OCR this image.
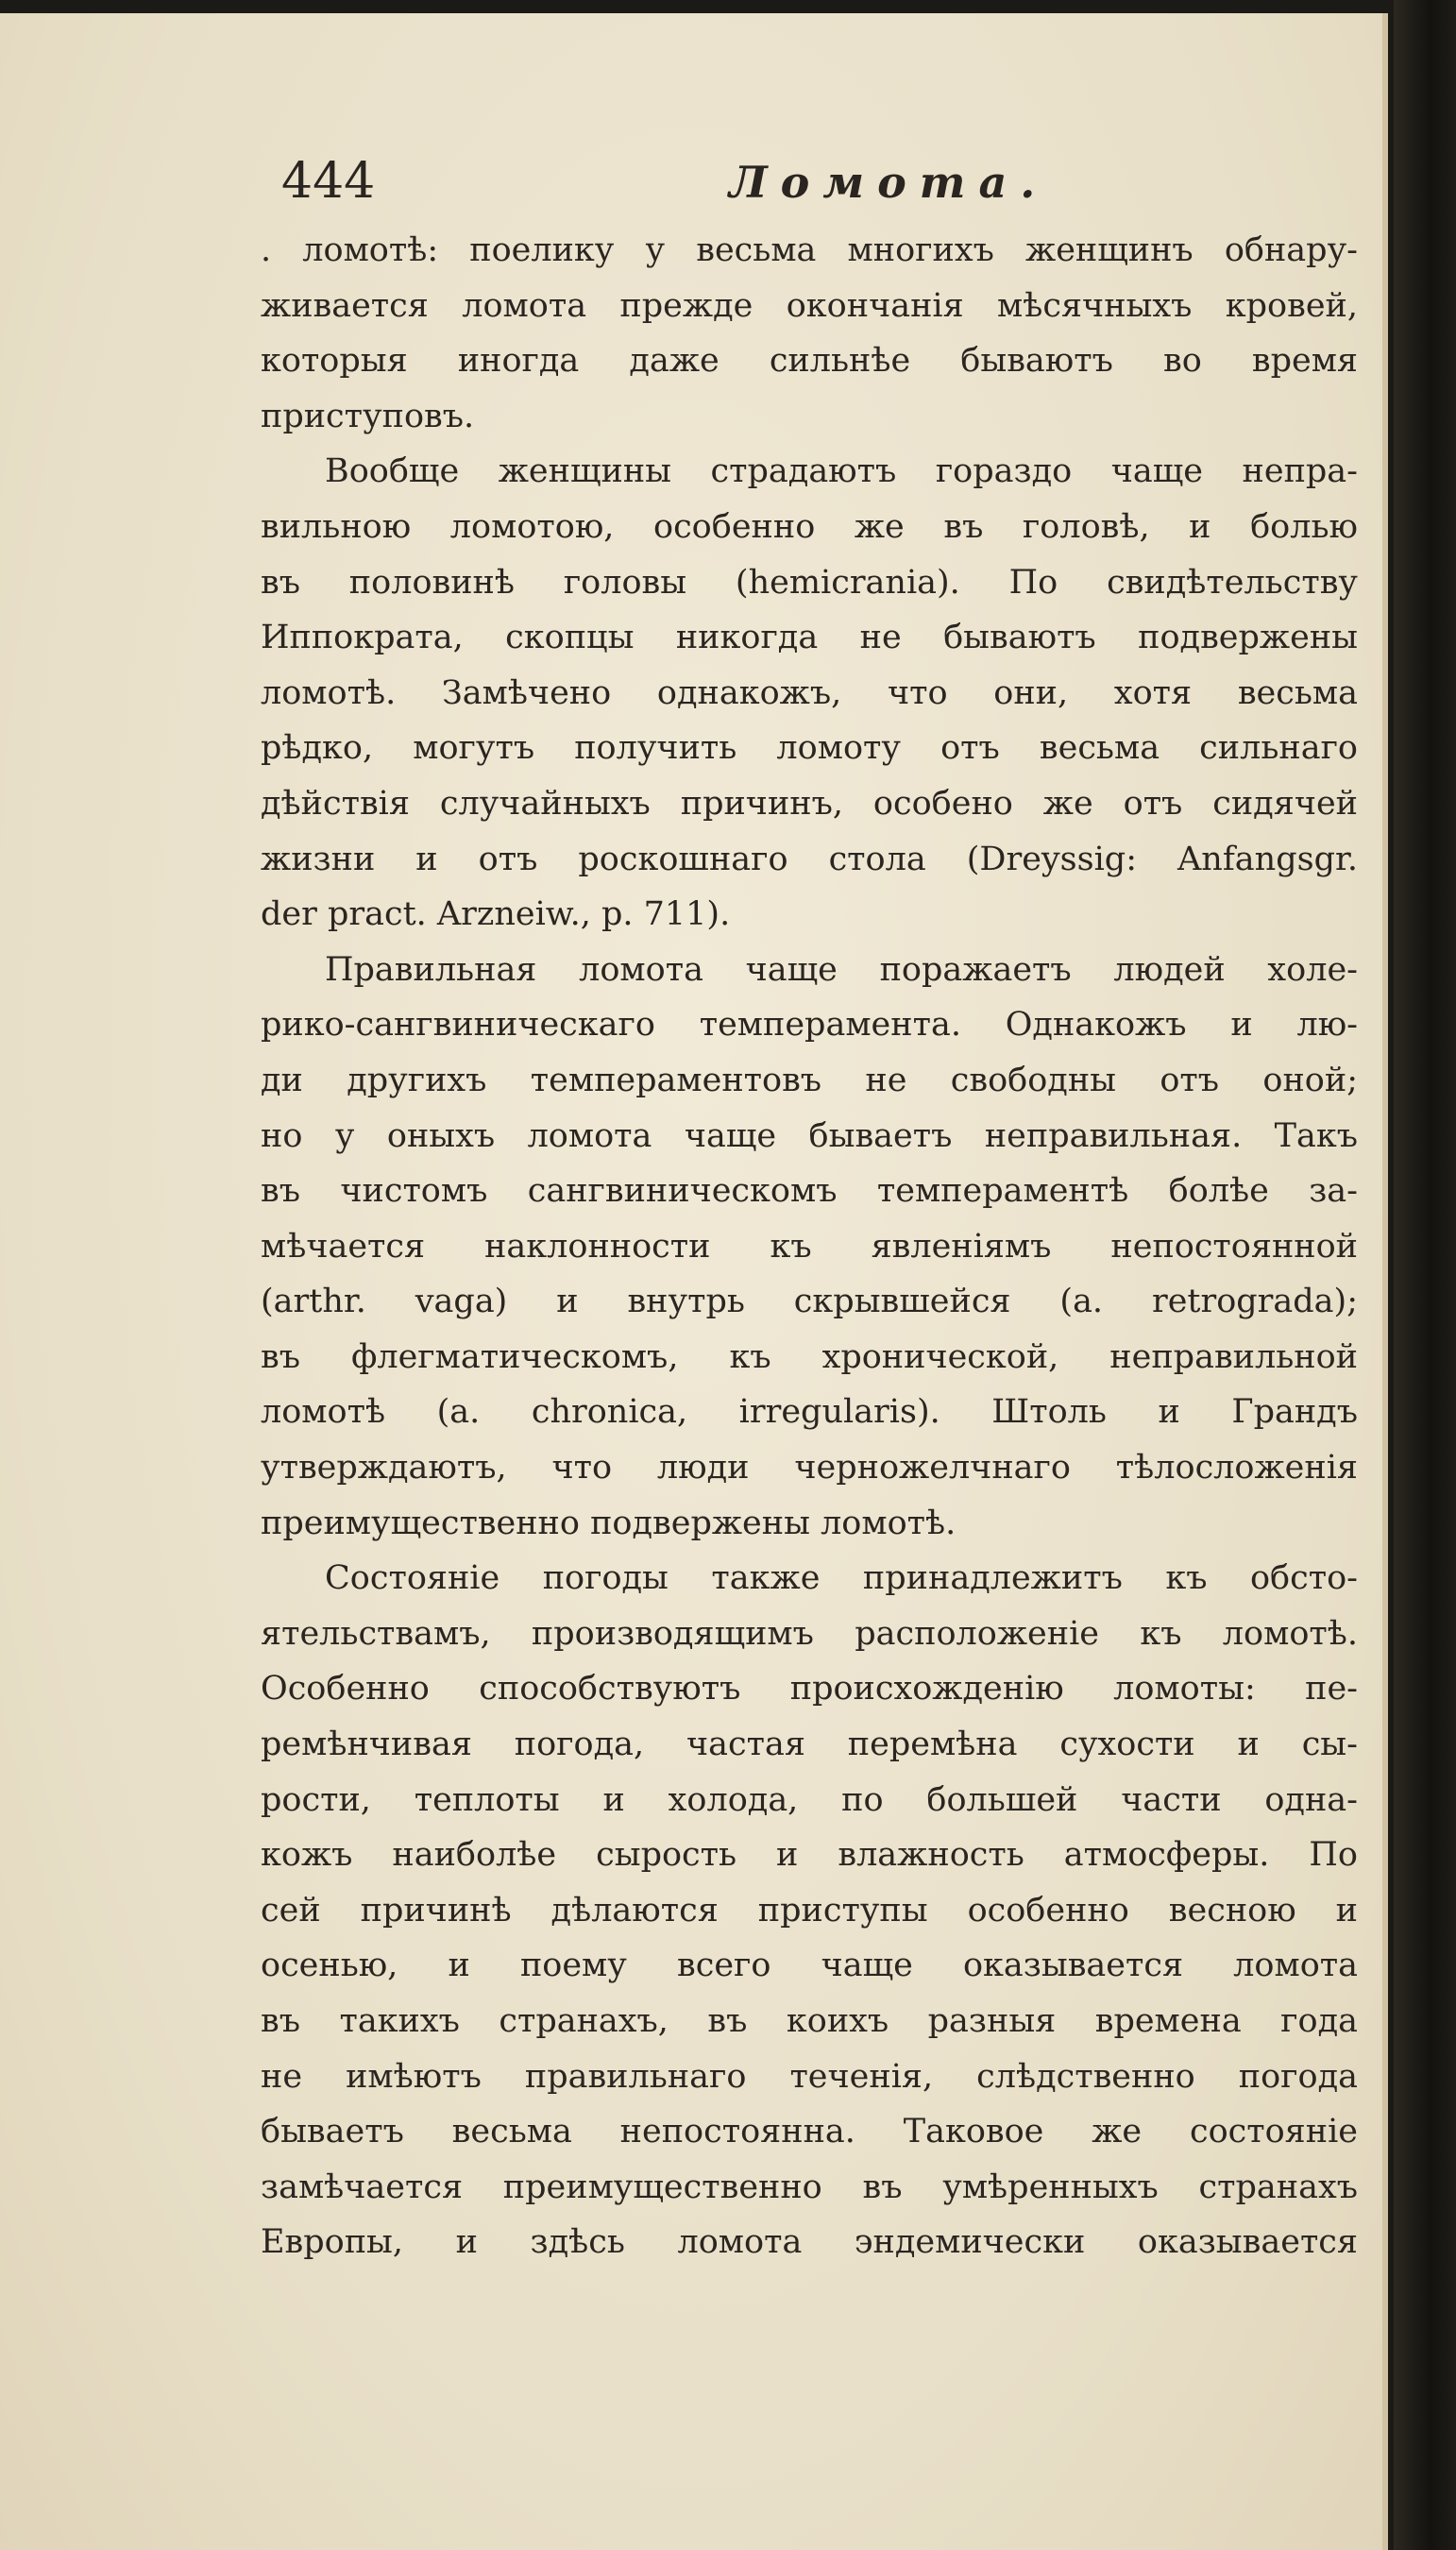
444	Ломота.
. ломотѣ: поелику у весьма многихъ женщинъ обнару-
живается ломота прежде окончанія мѣсячныхъ кровей,
которыя иногда даже сильнѣе бываютъ во время
приступовъ.
Вообще женщины страдаютъ гораздо чаще непра-
вильною ломотою, особенно же въ головѣ, и болью
въ половинѣ головы (hemicrania). По свидѣтельству
Иппократа, скопцы никогда не бываютъ подвержены
ломотѣ. Замѣчено однакожъ, что они, хотя весьма
рѣдко, могутъ получить ломоту отъ весьма сильнаго
дѣйствія случайныхъ причинъ, особено же отъ сидячей
жизни и отъ роскошнаго стола (Dreyssig: Anfangsgr.
der pract. Arzneiw., p. 711).
Правильная ломота чаще поражаетъ людей холе-
рико-сангвиническаго темперамента. Однакожъ и лю-
ди другихъ темпераментовъ не свободны отъ оной;
но у оныхъ ломота чаще бываетъ неправильная. Такъ
въ чистомъ сангвиническомъ темпераментѣ болѣе за-
мѣчается наклонности къ явленіямъ непостоянной
(arthr. vaga) и внутрь скрывшейся (a. retrograda);
въ флегматическомъ, къ хронической, неправильной
ломотѣ (a. chronica, irregularis). Штоль и Грандъ
утверждаютъ, что люди черножелчнаго тѣлосложенія
преимущественно подвержены ломотѣ.
Состояніе погоды также принадлежитъ къ обсто-
ятельствамъ, производящимъ расположеніе къ ломотѣ.
Особенно способствуютъ происхожденію ломоты: пе-
ремѣнчивая погода, частая перемѣна сухости и сы-
рости, теплоты и холода, по большей части одна-
кожъ наиболѣе сырость и влажность атмосферы. По
сей причинѣ дѣлаются приступы особенно весною и
осенью, и поему всего чаще оказывается ломота
въ такихъ странахъ, въ коихъ разныя времена года
не имѣютъ правильнаго теченія, слѣдственно погода
бываетъ весьма непостоянна. Таковое же состояніе
замѣчается преимущественно въ умѣренныхъ странахъ
Европы, и здѣсь ломота эндемически оказывается
